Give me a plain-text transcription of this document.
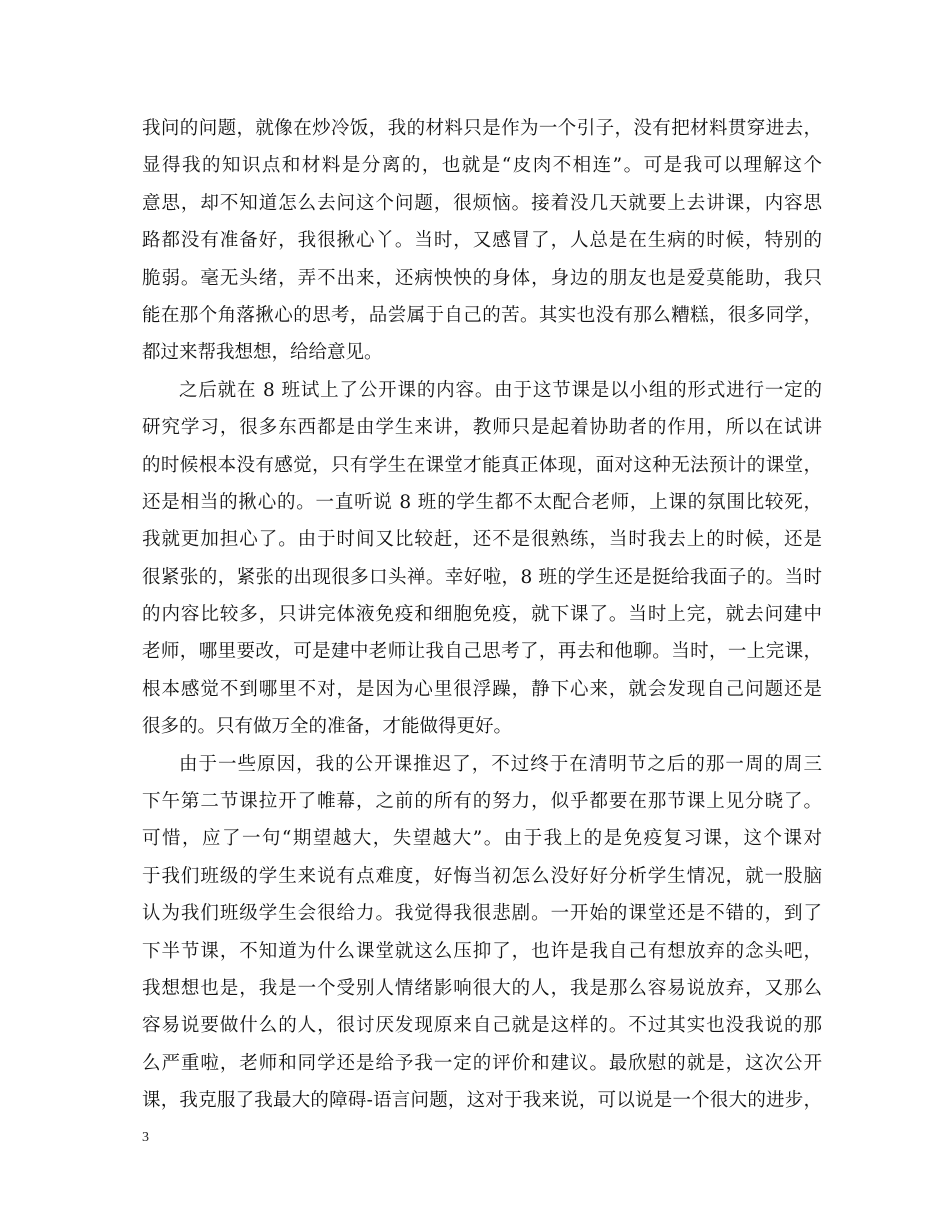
我问的问题，就像在炒冷饭，我的材料只是作为一个引子，没有把材料贯穿进去，
显得我的知识点和材料是分离的，也就是“皮肉不相连”。可是我可以理解这个
意思，却不知道怎么去问这个问题，很烦恼。接着没几天就要上去讲课，内容思
路都没有准备好，我很揪心丫。当时，又感冒了，人总是在生病的时候，特别的
脆弱。毫无头绪，弄不出来，还病怏怏的身体，身边的朋友也是爱莫能助，我只
能在那个角落揪心的思考，品尝属于自己的苦。其实也没有那么糟糕，很多同学，
都过来帮我想想，给给意见。
之后就在 8 班试上了公开课的内容。由于这节课是以小组的形式进行一定的
研究学习，很多东西都是由学生来讲，教师只是起着协助者的作用，所以在试讲
的时候根本没有感觉，只有学生在课堂才能真正体现，面对这种无法预计的课堂，
还是相当的揪心的。一直听说 8 班的学生都不太配合老师，上课的氛围比较死，
我就更加担心了。由于时间又比较赶，还不是很熟练，当时我去上的时候，还是
很紧张的，紧张的出现很多口头禅。幸好啦，8 班的学生还是挺给我面子的。当时
的内容比较多，只讲完体液免疫和细胞免疫，就下课了。当时上完，就去问建中
老师，哪里要改，可是建中老师让我自己思考了，再去和他聊。当时，一上完课，
根本感觉不到哪里不对，是因为心里很浮躁，静下心来，就会发现自己问题还是
很多的。只有做万全的准备，才能做得更好。
由于一些原因，我的公开课推迟了，不过终于在清明节之后的那一周的周三
下午第二节课拉开了帷幕，之前的所有的努力，似乎都要在那节课上见分晓了。
可惜，应了一句“期望越大，失望越大”。由于我上的是免疫复习课，这个课对
于我们班级的学生来说有点难度，好悔当初怎么没好好分析学生情况，就一股脑
认为我们班级学生会很给力。我觉得我很悲剧。一开始的课堂还是不错的，到了
下半节课，不知道为什么课堂就这么压抑了，也许是我自己有想放弃的念头吧，
我想想也是，我是一个受别人情绪影响很大的人，我是那么容易说放弃，又那么
容易说要做什么的人，很讨厌发现原来自己就是这样的。不过其实也没我说的那
么严重啦，老师和同学还是给予我一定的评价和建议。最欣慰的就是，这次公开
课，我克服了我最大的障碍-语言问题，这对于我来说，可以说是一个很大的进步，
3
